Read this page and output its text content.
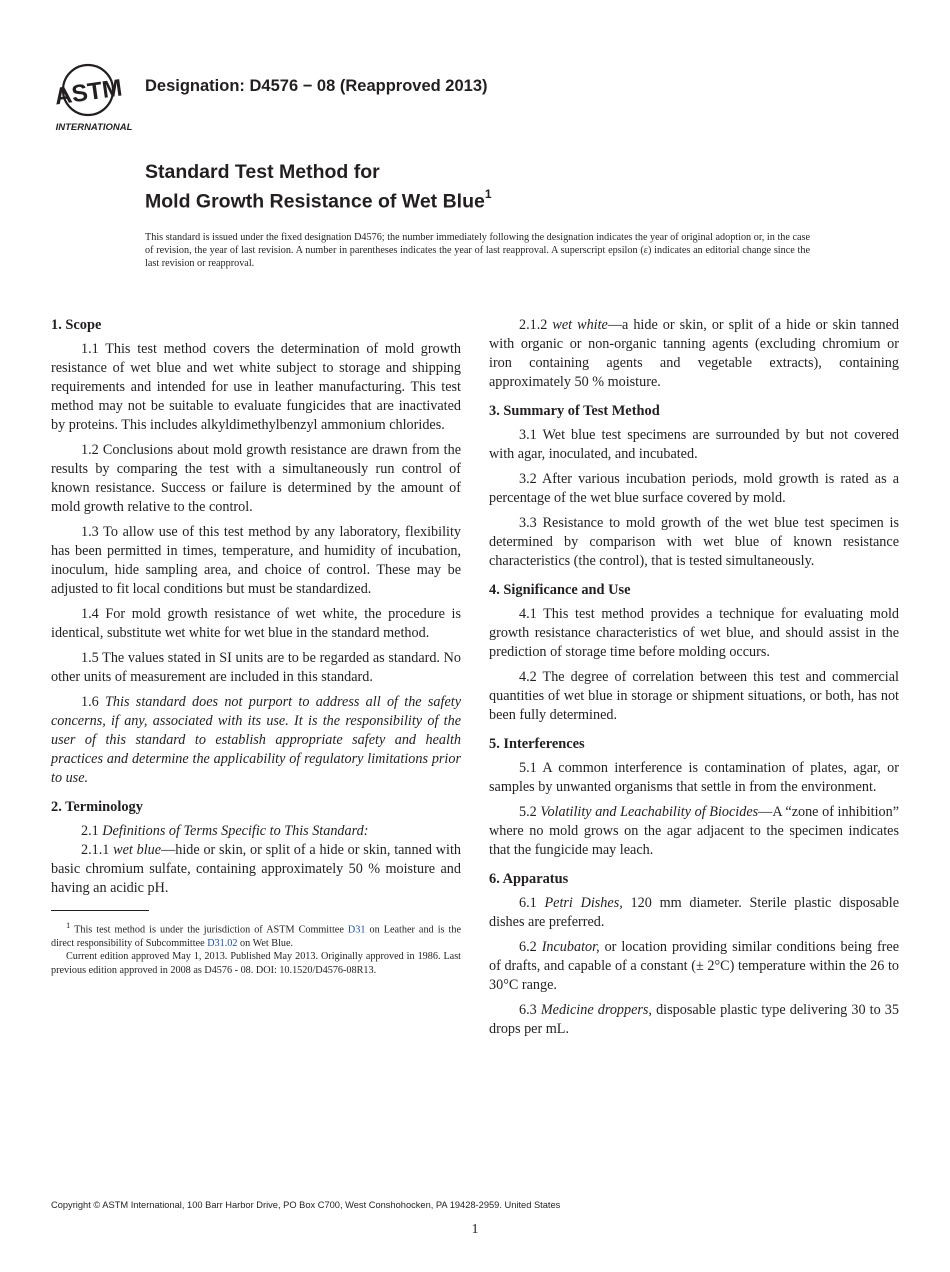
ASTM
INTERNATIONAL
Designation: D4576 − 08 (Reapproved 2013)
Standard Test Method for
Mold Growth Resistance of Wet Blue$^1$
This standard is issued under the fixed designation D4576; the number immediately following the designation indicates the year of original adoption or, in the case of revision, the year of last revision. A number in parentheses indicates the year of last reapproval. A superscript epsilon (ε) indicates an editorial change since the last revision or reapproval.
1. Scope

1.1 This test method covers the determination of mold growth resistance of wet blue and wet white subject to storage and shipping requirements and intended for use in leather manufacturing. This test method may not be suitable to evaluate fungicides that are inactivated by proteins. This includes alkyldimethylbenzyl ammonium chlorides.

1.2 Conclusions about mold growth resistance are drawn from the results by comparing the test with a simultaneously run control of known resistance. Success or failure is determined by the amount of mold growth relative to the control.

1.3 To allow use of this test method by any laboratory, flexibility has been permitted in times, temperature, and humidity of incubation, inoculum, hide sampling area, and choice of control. These may be adjusted to fit local conditions but must be standardized.

1.4 For mold growth resistance of wet white, the procedure is identical, substitute wet white for wet blue in the standard method.

1.5 The values stated in SI units are to be regarded as standard. No other units of measurement are included in this standard.

1.6 This standard does not purport to address all of the safety concerns, if any, associated with its use. It is the responsibility of the user of this standard to establish appropriate safety and health practices and determine the applicability of regulatory limitations prior to use.

2. Terminology

2.1 Definitions of Terms Specific to This Standard:

2.1.1 wet blue—hide or skin, or split of a hide or skin, tanned with basic chromium sulfate, containing approximately 50 % moisture and having an acidic pH.

$^1$ This test method is under the jurisdiction of ASTM Committee D31 on Leather and is the direct responsibility of Subcommittee D31.02 on Wet Blue.

Current edition approved May 1, 2013. Published May 2013. Originally approved in 1986. Last previous edition approved in 2008 as D4576 - 08. DOI: 10.1520/D4576-08R13.

2.1.2 wet white—a hide or skin, or split of a hide or skin tanned with organic or non-organic tanning agents (excluding chromium or iron containing agents and vegetable extracts), containing approximately 50 % moisture.

3. Summary of Test Method

3.1 Wet blue test specimens are surrounded by but not covered with agar, inoculated, and incubated.

3.2 After various incubation periods, mold growth is rated as a percentage of the wet blue surface covered by mold.

3.3 Resistance to mold growth of the wet blue test specimen is determined by comparison with wet blue of known resistance characteristics (the control), that is tested simultaneously.

4. Significance and Use

4.1 This test method provides a technique for evaluating mold growth resistance characteristics of wet blue, and should assist in the prediction of storage time before molding occurs.

4.2 The degree of correlation between this test and commercial quantities of wet blue in storage or shipment situations, or both, has not been fully determined.

5. Interferences

5.1 A common interference is contamination of plates, agar, or samples by unwanted organisms that settle in from the environment.

5.2 Volatility and Leachability of Biocides—A “zone of inhibition” where no mold grows on the agar adjacent to the specimen indicates that the fungicide may leach.

6. Apparatus

6.1 Petri Dishes, 120 mm diameter. Sterile plastic disposable dishes are preferred.

6.2 Incubator, or location providing similar conditions being free of drafts, and capable of a constant (± 2°C) temperature within the 26 to 30°C range.

6.3 Medicine droppers, disposable plastic type delivering 30 to 35 drops per mL.

Copyright © ASTM International, 100 Barr Harbor Drive, PO Box C700, West Conshohocken, PA 19428-2959. United States
1
